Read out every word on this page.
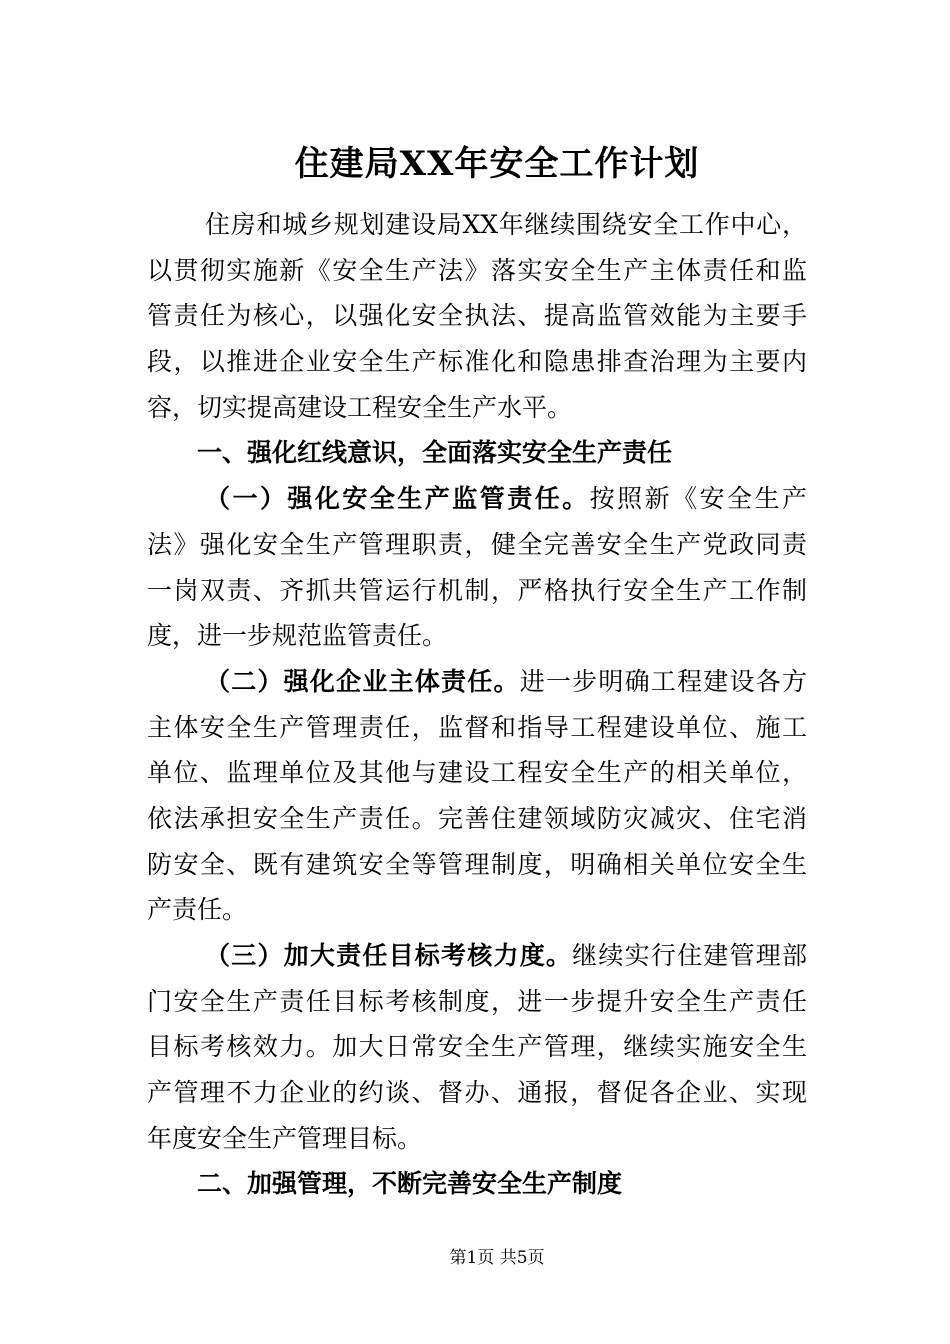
住建局XX年安全工作计划
住房和城乡规划建设局XX年继续围绕安全工作中心，
以贯彻实施新《安全生产法》落实安全生产主体责任和监
管责任为核心，以强化安全执法、提高监管效能为主要手
段，以推进企业安全生产标准化和隐患排查治理为主要内
容，切实提高建设工程安全生产水平。
一、强化红线意识，全面落实安全生产责任
（一）强化安全生产监管责任。按照新《安全生产
法》强化安全生产管理职责，健全完善安全生产党政同责
一岗双责、齐抓共管运行机制，严格执行安全生产工作制
度，进一步规范监管责任。
（二）强化企业主体责任。进一步明确工程建设各方
主体安全生产管理责任，监督和指导工程建设单位、施工
单位、监理单位及其他与建设工程安全生产的相关单位，
依法承担安全生产责任。完善住建领域防灾减灾、住宅消
防安全、既有建筑安全等管理制度，明确相关单位安全生
产责任。
（三）加大责任目标考核力度。继续实行住建管理部
门安全生产责任目标考核制度，进一步提升安全生产责任
目标考核效力。加大日常安全生产管理，继续实施安全生
产管理不力企业的约谈、督办、通报，督促各企业、实现
年度安全生产管理目标。
二、加强管理，不断完善安全生产制度
第1页 共5页
